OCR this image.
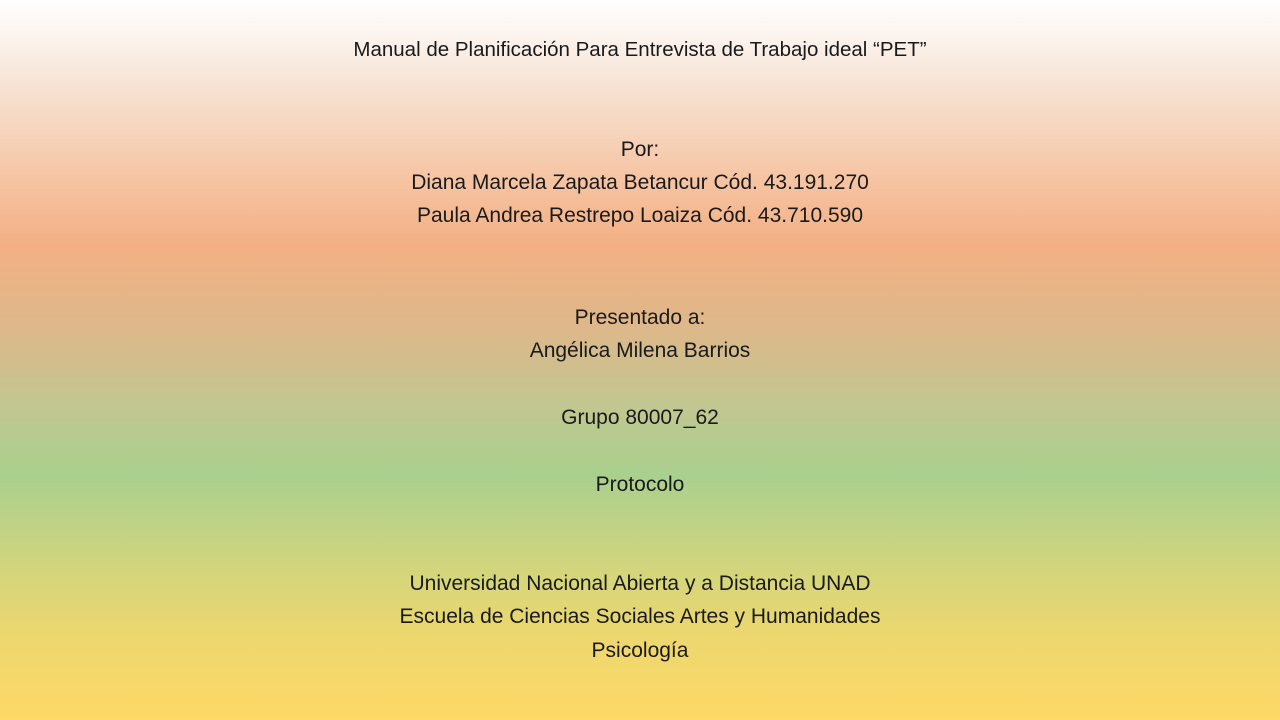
Manual de Planificación Para Entrevista de Trabajo ideal “PET”
Por:
Diana Marcela Zapata Betancur Cód. 43.191.270
Paula Andrea Restrepo Loaiza Cód. 43.710.590
Presentado a:
Angélica Milena Barrios
Grupo 80007_62
Protocolo
Universidad Nacional Abierta y a Distancia UNAD
Escuela de Ciencias Sociales Artes y Humanidades
Psicología
